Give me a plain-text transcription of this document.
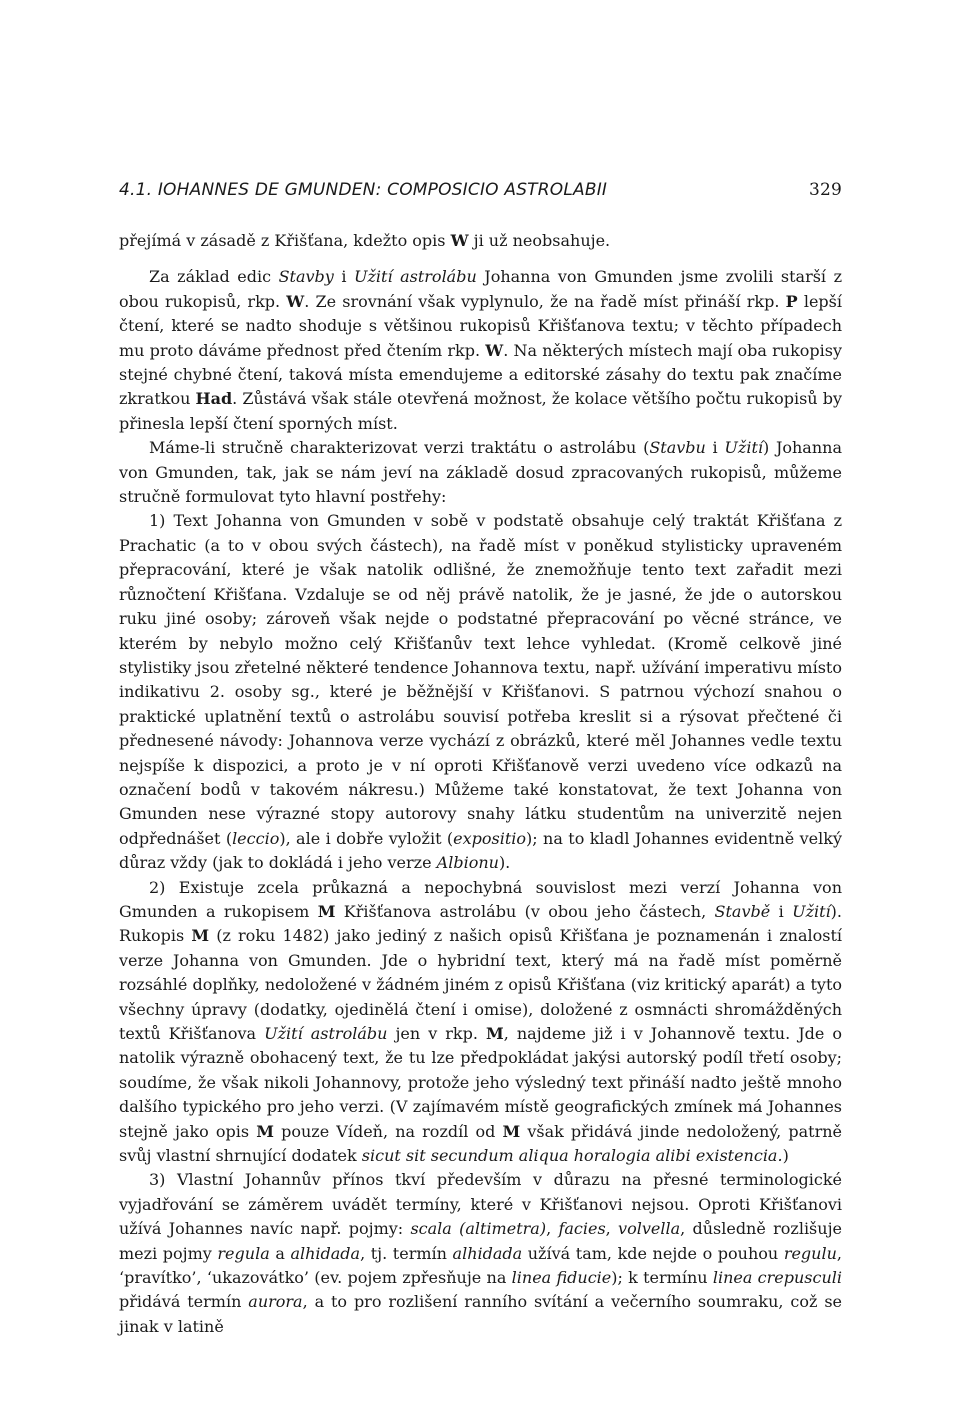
4.1. IOHANNES DE GMUNDEN: COMPOSICIO ASTROLABII	329

přejímá v zásadě z Křišťana, kdežto opis W ji už neobsahuje.

Za základ edic Stavby i Užití astrolábu Johanna von Gmunden jsme zvolili starší z obou rukopisů, rkp. W. Ze srovnání však vyplynulo, že na řadě míst přináší rkp. P lepší čtení, které se nadto shoduje s většinou rukopisů Křišťanova textu; v těchto případech mu proto dáváme přednost před čtením rkp. W. Na některých místech mají oba rukopisy stejné chybné čtení, taková místa emendujeme a editorské zásahy do textu pak značíme zkratkou Had. Zůstává však stále otevřená možnost, že kolace většího počtu rukopisů by přinesla lepší čtení sporných míst.

Máme-li stručně charakterizovat verzi traktátu o astrolábu (Stavbu i Užití) Johanna von Gmunden, tak, jak se nám jeví na základě dosud zpracovaných rukopisů, můžeme stručně formulovat tyto hlavní postřehy:

1) Text Johanna von Gmunden v sobě v podstatě obsahuje celý traktát Křišťana z Prachatic (a to v obou svých částech), na řadě míst v poněkud stylisticky upraveném přepracování, které je však natolik odlišné, že znemožňuje tento text zařadit mezi různočtení Křišťana. Vzdaluje se od něj právě natolik, že je jasné, že jde o autorskou ruku jiné osoby; zároveň však nejde o podstatné přepracování po věcné stránce, ve kterém by nebylo možno celý Křišťanův text lehce vyhledat. (Kromě celkově jiné stylistiky jsou zřetelné některé tendence Johannova textu, např. užívání imperativu místo indikativu 2. osoby sg., které je běžnější v Křišťanovi. S patrnou výchozí snahou o praktické uplatnění textů o astrolábu souvisí potřeba kreslit si a rýsovat přečtené či přednesené návody: Johannova verze vychází z obrázků, které měl Johannes vedle textu nejspíše k dispozici, a proto je v ní oproti Křišťanově verzi uvedeno více odkazů na označení bodů v takovém nákresu.) Můžeme také konstatovat, že text Johanna von Gmunden nese výrazné stopy autorovy snahy látku studentům na univerzitě nejen odpřednášet (leccio), ale i dobře vyložit (expositio); na to kladl Johannes evidentně velký důraz vždy (jak to dokládá i jeho verze Albionu).

2) Existuje zcela průkazná a nepochybná souvislost mezi verzí Johanna von Gmunden a rukopisem M Křišťanova astrolábu (v obou jeho částech, Stavbě i Užití). Rukopis M (z roku 1482) jako jediný z našich opisů Křišťana je poznamenán i znalostí verze Johanna von Gmunden. Jde o hybridní text, který má na řadě míst poměrně rozsáhlé doplňky, nedoložené v žádném jiném z opisů Křišťana (viz kritický aparát) a tyto všechny úpravy (dodatky, ojedinělá čtení i omise), doložené z osmnácti shromážděných textů Křišťanova Užití astrolábu jen v rkp. M, najdeme již i v Johannově textu. Jde o natolik výrazně obohacený text, že tu lze předpokládat jakýsi autorský podíl třetí osoby; soudíme, že však nikoli Johannovy, protože jeho výsledný text přináší nadto ještě mnoho dalšího typického pro jeho verzi. (V zajímavém místě geografických zmínek má Johannes stejně jako opis M pouze Vídeň, na rozdíl od M však přidává jinde nedoložený, patrně svůj vlastní shrnující dodatek sicut sit secundum aliqua horalogia alibi existencia.)

3) Vlastní Johannův přínos tkví především v důrazu na přesné terminologické vyjadřování se záměrem uvádět termíny, které v Křišťanovi nejsou. Oproti Křišťanovi užívá Johannes navíc např. pojmy: scala (altimetra), facies, volvella, důsledně rozlišuje mezi pojmy regula a alhidada, tj. termín alhidada užívá tam, kde nejde o pouhou regulu, ‘pravítko’, ‘ukazovátko’ (ev. pojem zpřesňuje na linea fiducie); k termínu linea crepusculi přidává termín aurora, a to pro rozlišení ranního svítání a večerního soumraku, což se jinak v latině
